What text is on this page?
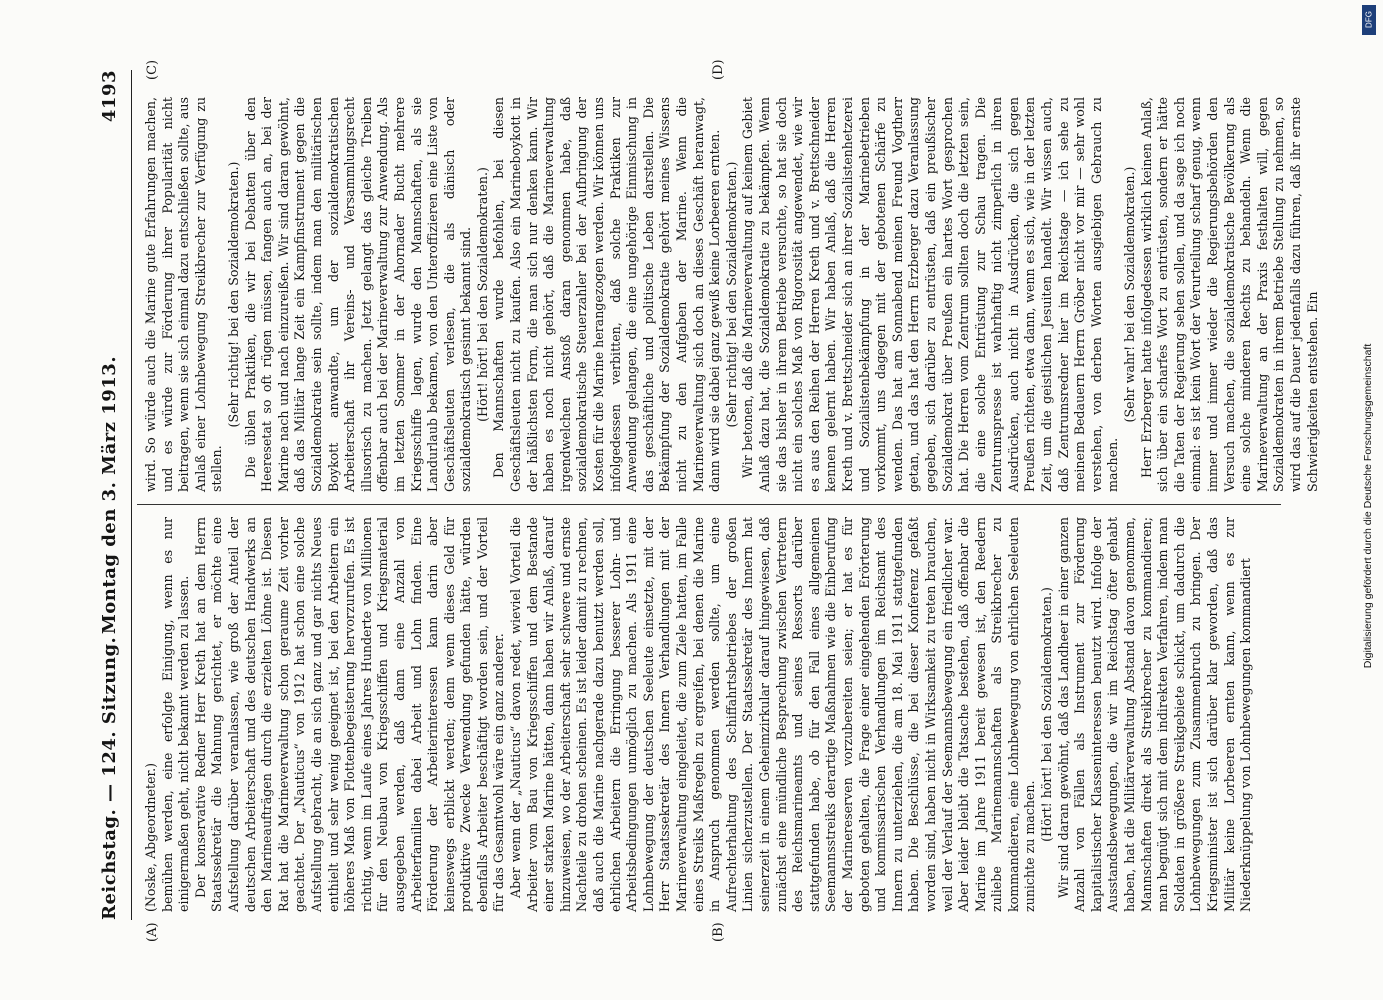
Reichstag. — 124. Sitzung.
Montag den 3. März 1913.
4193
(A)	(B)
(C)	(D)

(Noske, Abgeordneter.) bemühen werden, eine erfolgte Einigung, wenn es nur einigermaßen geht, nicht bekannt werden zu lassen. Der konservative Redner Herr Kreth hat an dem Herrn Staatssekretär die Mahnung gerichtet, er möchte eine Aufstellung darüber veranlassen, wie groß der Anteil der deutschen Arbeiterschaft und des deutschen Handwerks an den Marineaufträgen durch die erzielten Löhne ist. Diesen Rat hat die Marineverwaltung schon geraume Zeit vorher geachtet. Der „Nauticus“ von 1912 hat schon eine solche Aufstellung gebracht, die an sich ganz und gar nichts Neues enthielt und sehr wenig geeignet ist, bei den Arbeitern ein höheres Maß von Flottenbegeisterung hervorzurufen. Es ist richtig, wenn im Laufe eines Jahres Hunderte von Millionen für den Neubau von Kriegsschiffen und Kriegsmaterial ausgegeben werden, daß dann eine Anzahl von Arbeiterfamilien dabei Arbeit und Lohn finden. Eine Förderung der Arbeiterinteressen kann darin aber keineswegs erblickt werden; denn wenn dieses Geld für produktive Zwecke Verwendung gefunden hätte, würden ebenfalls Arbeiter beschäftigt worden sein, und der Vorteil für das Gesamtwohl wäre ein ganz anderer. Aber wenn der „Nauticus“ davon redet, wieviel Vorteil die Arbeiter vom Bau von Kriegsschiffen und dem Bestande einer starken Marine hätten, dann haben wir Anlaß, darauf hinzuweisen, wo der Arbeiterschaft sehr schwere und ernste Nachteile zu drohen scheinen. Es ist leider damit zu rechnen, daß auch die Marine nachgerade dazu benutzt werden soll, ehrlichen Arbeitern die Erringung besserer Lohn- und Arbeitsbedingungen unmöglich zu machen. Als 1911 eine Lohnbewegung der deutschen Seeleute einsetzte, mit der Herr Staatssekretär des Innern Verhandlungen mit der Marineverwaltung eingeleitet, die zum Ziele hatten, im Falle eines Streiks Maßregeln zu ergreifen, bei denen die Marine in Anspruch genommen werden sollte, um eine Aufrechterhaltung des Schiffahrtsbetriebes der großen Linien sicherzustellen. Der Staatssekretär des Innern hat seinerzeit in einem Geheimzirkular darauf hingewiesen, daß zunächst eine mündliche Besprechung zwischen Vertretern des Reichsmarineamts und seines Ressorts darüber stattgefunden habe, ob für den Fall eines allgemeinen Seemannsstreiks derartige Maßnahmen wie die Einberufung der Marinereserven vorzubereiten seien; er hat es für geboten gehalten, die Frage einer eingehenden Erörterung und kommissarischen Verhandlungen im Reichsamt des Innern zu unterziehen, die am 18. Mai 1911 stattgefunden haben. Die Beschlüsse, die bei dieser Konferenz gefaßt worden sind, haben nicht in Wirksamkeit zu treten brauchen, weil der Verlauf der Seemannsbewegung ein friedlicher war. Aber leider bleibt die Tatsache bestehen, daß offenbar die Marine im Jahre 1911 bereit gewesen ist, den Reedern zuliebe Marinemannschaften als Streikbrecher zu kommandieren, eine Lohnbewegung von ehrlichen Seeleuten zunichte zu machen.

(Hört! hört! bei den Sozialdemokraten.) Wir sind daran gewöhnt, daß das Landheer in einer ganzen Anzahl von Fällen als Instrument zur Förderung kapitalistischer Klasseninteressen benutzt wird. Infolge der Ausstandsbewegungen, die wir im Reichstag öfter gehabt haben, hat die Militärverwaltung Abstand davon genommen, Mannschaften direkt als Streikbrecher zu kommandieren; man begnügt sich mit dem indirekten Verfahren, indem man Soldaten in größere Streikgebiete schickt, um dadurch die Lohnbewegungen zum Zusammenbruch zu bringen. Der Kriegsminister ist sich darüber klar geworden, daß das Militär keine Lorbeeren ernten kann, wenn es zur Niederknüppelung von Lohnbewegungen kommandiert

wird. So würde auch die Marine gute Erfahrungen machen, und es würde zur Förderung ihrer Popularität nicht beitragen, wenn sie sich einmal dazu entschließen sollte, aus Anlaß einer Lohnbewegung Streikbrecher zur Verfügung zu stellen.

(Sehr richtig! bei den Sozialdemokraten.) Die üblen Praktiken, die wir bei Debatten über den Heeresetat so oft rügen müssen, fangen auch an, bei der Marine nach und nach einzureißen. Wir sind daran gewöhnt, daß das Militär lange Zeit ein Kampfinstrument gegen die Sozialdemokratie sein sollte, indem man den militärischen Boykott anwandte, um der sozialdemokratischen Arbeiterschaft ihr Vereins- und Versammlungsrecht illusorisch zu machen. Jetzt gelangt das gleiche Treiben offenbar auch bei der Marineverwaltung zur Anwendung. Als im letzten Sommer in der Ahornader Bucht mehrere Kriegsschiffe lagen, wurde den Mannschaften, als sie Landurlaub bekamen, von den Unteroffizieren eine Liste von Geschäftsleuten verlesen, die als dänisch oder sozialdemokratisch gesinnt bekannt sind. (Hört! hört! bei den Sozialdemokraten.) Den Mannschaften wurde befohlen, bei diesen Geschäftsleuten nicht zu kaufen. Also ein Marineboykott in der häßlichsten Form, die man sich nur denken kann. Wir haben es noch nicht gehört, daß die Marineverwaltung irgendwelchen Anstoß daran genommen habe, daß sozialdemokratische Steuerzahler bei der Aufbringung der Kosten für die Marine herangezogen werden. Wir können uns infolgedessen verbitten, daß solche Praktiken zur Anwendung gelangen, die eine ungehörige Einmischung in das geschäftliche und politische Leben darstellen. Die Bekämpfung der Sozialdemokratie gehört meines Wissens nicht zu den Aufgaben der Marine. Wenn die Marineverwaltung sich doch an dieses Geschäft heranwagt, dann wird sie dabei ganz gewiß keine Lorbeeren ernten. (Sehr richtig! bei den Sozialdemokraten.) Wir betonen, daß die Marineverwaltung auf keinem Gebiet Anlaß dazu hat, die Sozialdemokratie zu bekämpfen. Wenn sie das bisher in ihrem Betriebe versuchte, so hat sie doch nicht ein solches Maß von Rigorosität angewendet, wie wir es aus den Reihen der Herren Kreth und v. Brettschneider kennen gelernt haben. Wir haben Anlaß, daß die Herren Kreth und v. Brettschneider sich an ihrer Sozialistenhetzerei und Sozialistenbekämpfung in der Marinebetrieben vorkommt, uns dagegen mit der gebotenen Schärfe zu wenden. Das hat am Sonnabend meinen Freund Vogtherr getan, und das hat den Herrn Erzberger dazu Veranlassung gegeben, sich darüber zu entrüsten, daß ein preußischer Sozialdemokrat über Preußen ein hartes Wort gesprochen hat. Die Herren vom Zentrum sollten doch die letzten sein, die eine solche Entrüstung zur Schau tragen. Die Zentrumspresse ist wahrhaftig nicht zimperlich in ihren Ausdrücken, auch nicht in Ausdrücken, die sich gegen Preußen richten, etwa dann, wenn es sich, wie in der letzten Zeit, um die geistlichen Jesuiten handelt. Wir wissen auch, daß Zentrumsredner hier im Reichstage — ich sehe zu meinem Bedauern Herrn Gröber nicht vor mir — sehr wohl verstehen, von derben Worten ausgiebigen Gebrauch zu machen.

(Sehr wahr! bei den Sozialdemokraten.) Herr Erzberger hatte infolgedessen wirklich keinen Anlaß, sich über ein scharfes Wort zu entrüsten, sondern er hätte die Taten der Regierung sehen sollen, und da sage ich noch einmal: es ist kein Wort der Verurteilung scharf genug, wenn immer und immer wieder die Regierungsbehörden den Versuch machen, die sozialdemokratische Bevölkerung als eine solche minderen Rechts zu behandeln. Wenn die Marineverwaltung an der Praxis festhalten will, gegen Sozialdemokraten in ihrem Betriebe Stellung zu nehmen, so wird das auf die Dauer jedenfalls dazu führen, daß ihr ernste Schwierigkeiten entstehen. Ein	Digitalisierung gefördert durch die Deutsche Forschungsgemeinschaft
DFG
